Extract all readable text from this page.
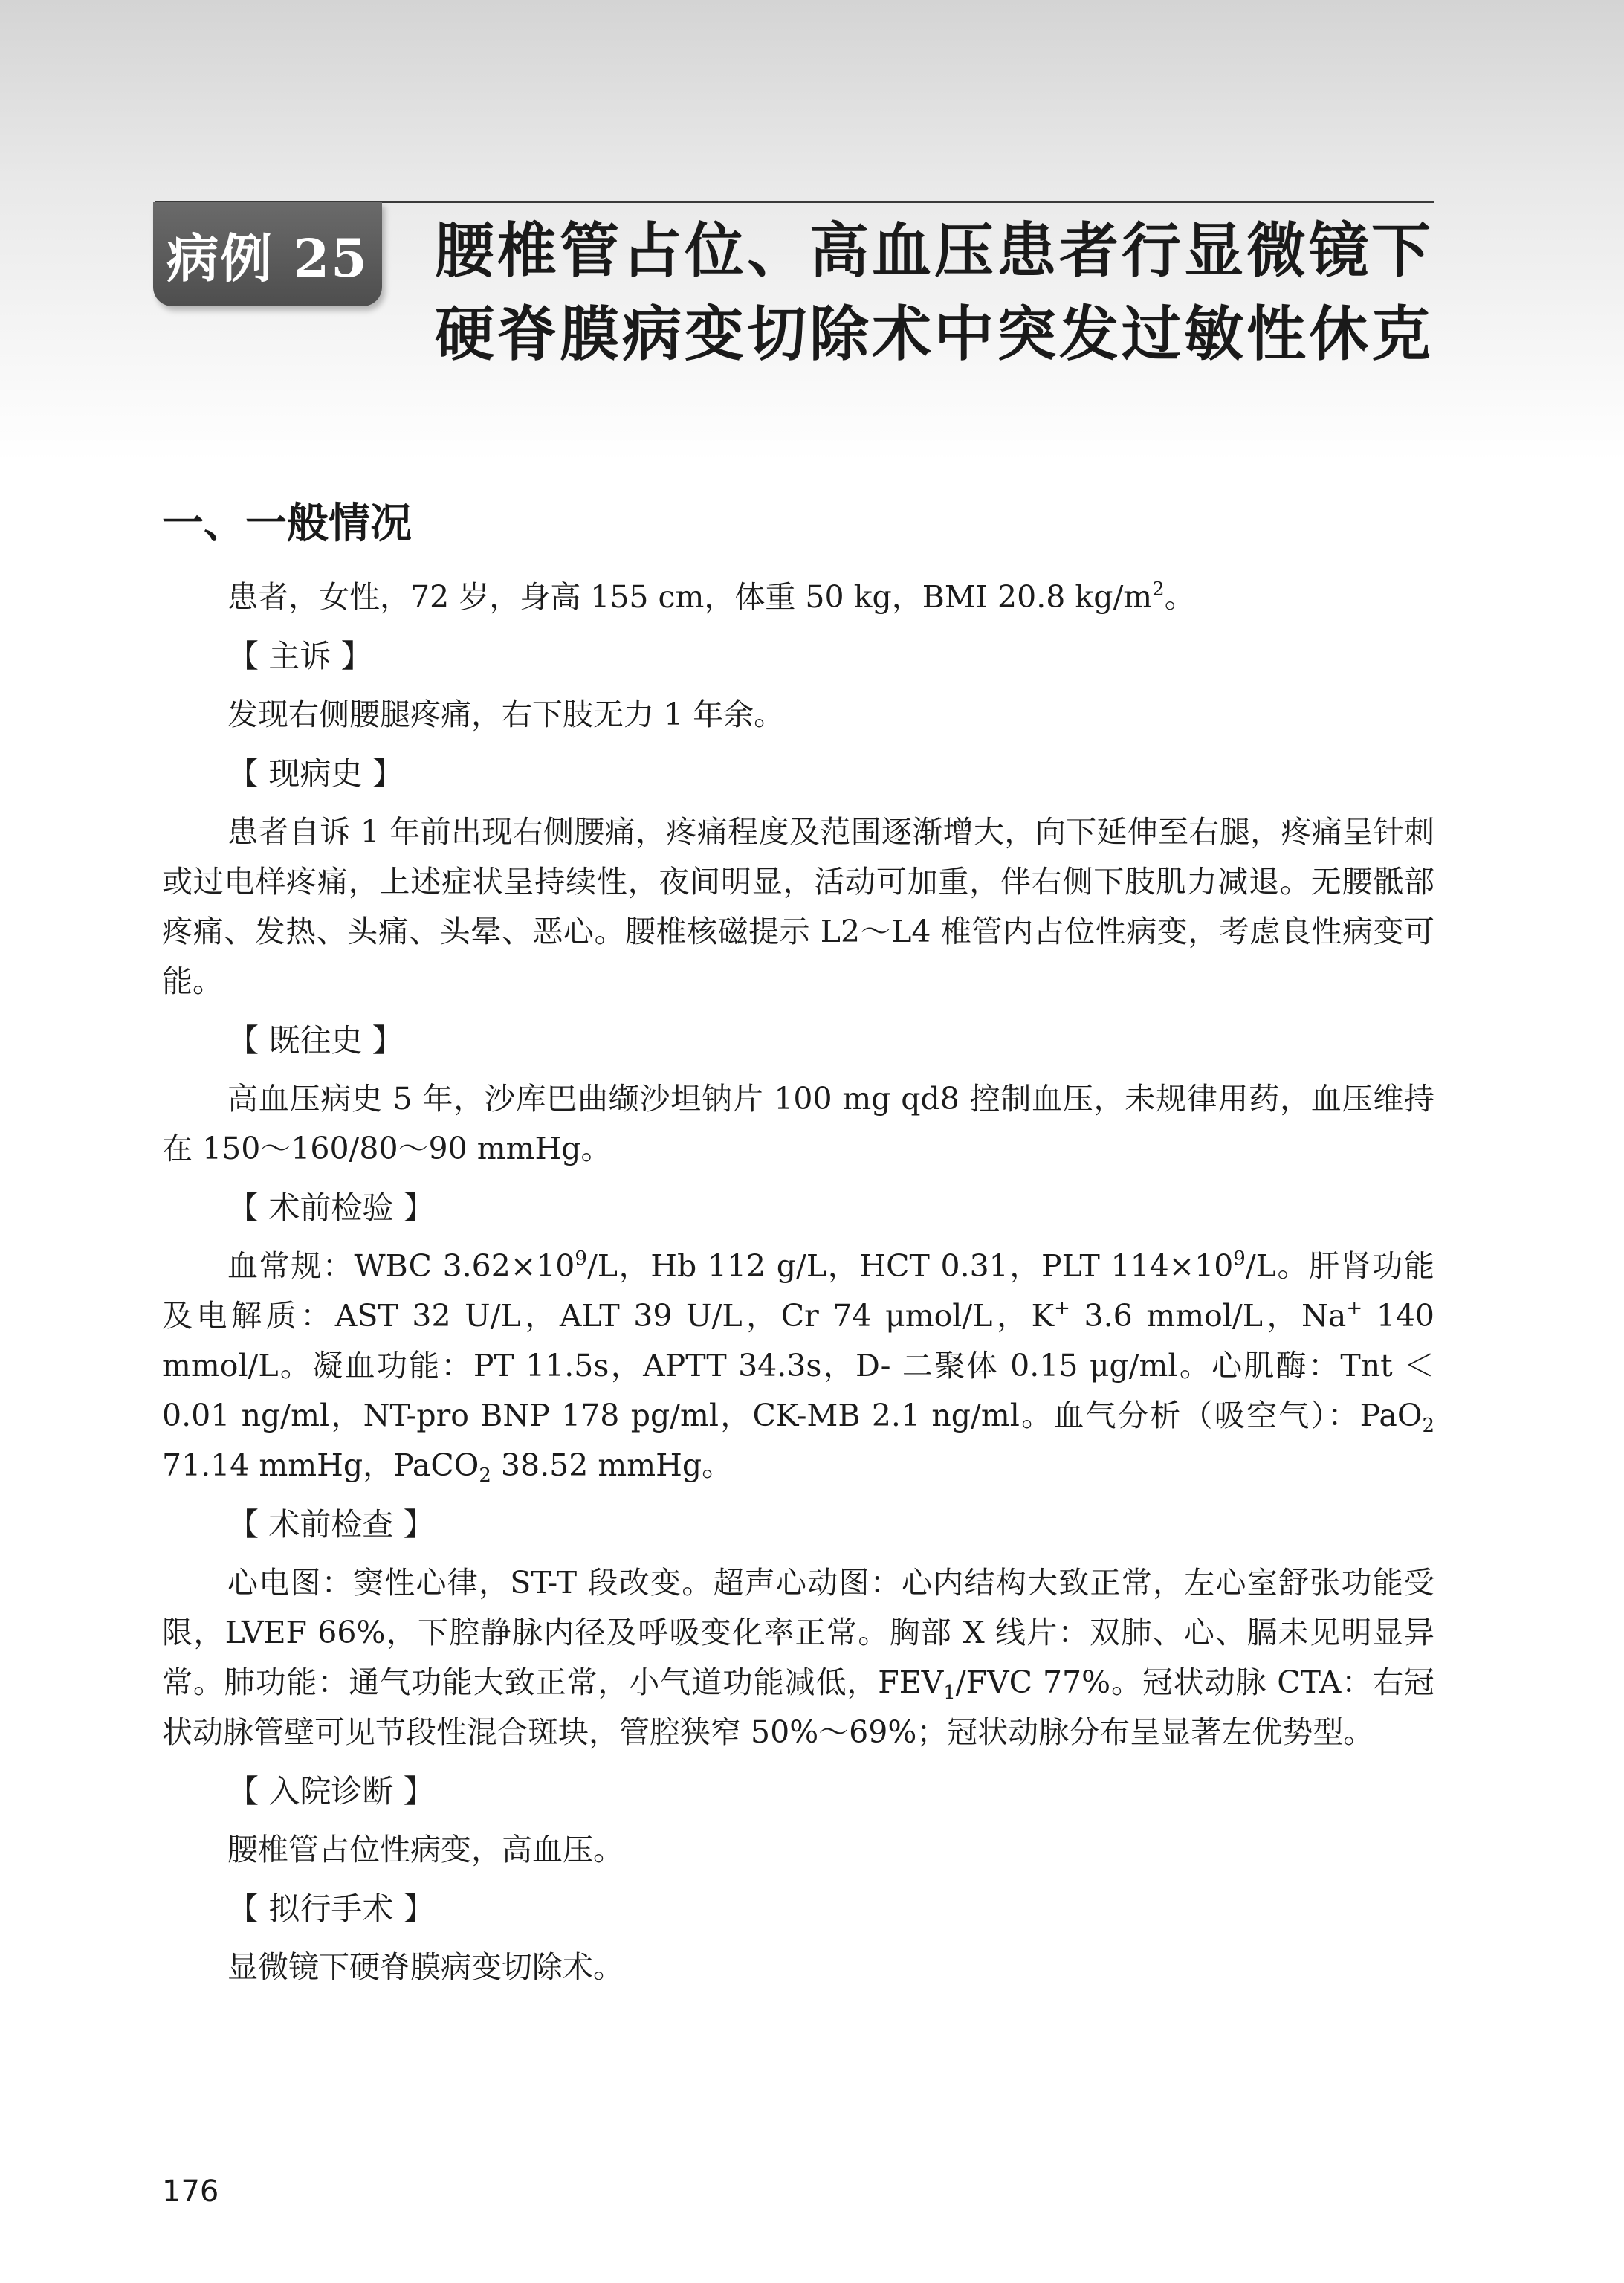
病例 25 腰椎管占位、高血压患者行显微镜下
硬脊膜病变切除术中突发过敏性休克
一、一般情况

患者，女性，72 岁，身高 155 cm，体重 50 kg，BMI 20.8 $kg/m^2$。

【 主诉 】

发现右侧腰腿疼痛，右下肢无力 1 年余。

【 现病史 】

患者自诉 1 年前出现右侧腰痛，疼痛程度及范围逐渐增大，向下延伸至右腿，疼痛呈针刺或过电样疼痛，上述症状呈持续性，夜间明显，活动可加重，伴右侧下肢肌力减退。无腰骶部疼痛、发热、头痛、头晕、恶心。腰椎核磁提示 L2～L4 椎管内占位性病变，考虑良性病变可能。

【 既往史 】

高血压病史 5 年，沙库巴曲缬沙坦钠片 100 mg qd8 控制血压，未规律用药，血压维持在 150～160/80～90 mmHg。

【 术前检验 】

血常规：WBC $3.62\times 10^9/L$，Hb 112 g/L，HCT 0.31，PLT $114\times 10^9/L$。肝肾功能及电解质：AST 32 U/L，ALT 39 U/L，Cr 74 μmol/L，K+ 3.6 mmol/L，Na+ 140 mmol/L。凝血功能：PT 11.5s，APTT 34.3s，D- 二聚体 0.15 μg/ml。心肌酶：Tnt ＜ 0.01 ng/ml，NT-pro BNP 178 pg/ml，CK-MB 2.1 ng/ml。血气分析（吸空气）：PaO$_2$ 71.14 mmHg，PaCO$_2$ 38.52 mmHg。

【 术前检查 】

心电图：窦性心律，ST-T 段改变。超声心动图：心内结构大致正常，左心室舒张功能受限，LVEF 66%，下腔静脉内径及呼吸变化率正常。胸部 X 线片：双肺、心、膈未见明显异常。肺功能：通气功能大致正常，小气道功能减低，$FEV_1$/FVC 77%。冠状动脉 CTA：右冠状动脉管壁可见节段性混合斑块，管腔狭窄 50%～69%；冠状动脉分布呈显著左优势型。

【 入院诊断 】

腰椎管占位性病变，高血压。

【 拟行手术 】

显微镜下硬脊膜病变切除术。

176
